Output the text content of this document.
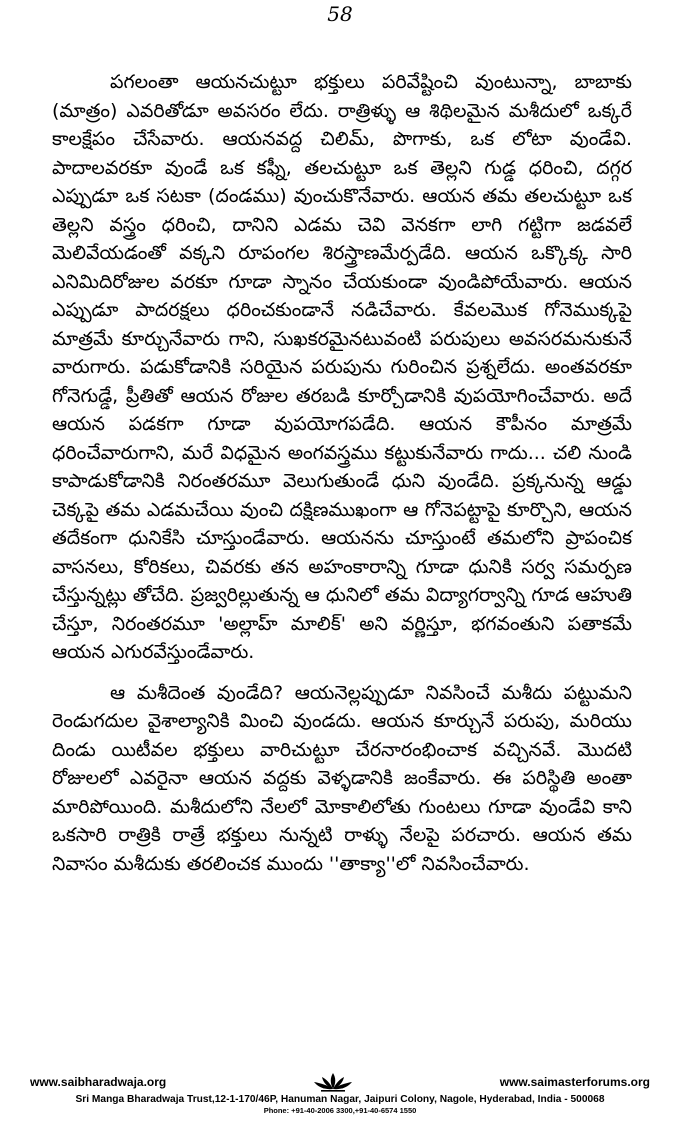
58

పగలంతా ఆయనచుట్టూ భక్తులు పరివేష్టించి వుంటున్నా, బాబాకు (మాత్రం) ఎవరితోడూ అవసరం లేదు. రాత్రిళ్ళు ఆ శిథిలమైన మశీదులో ఒక్కరే కాలక్షేపం చేసేవారు. ఆయనవద్ద చిలిమ్, పొగాకు, ఒక లోటా వుండేవి. పాదాలవరకూ వుండే ఒక కఫ్నీ, తలచుట్టూ ఒక తెల్లని గుడ్డ ధరించి, దగ్గర ఎప్పుడూ ఒక సటకా (దండము) వుంచుకొనేవారు. ఆయన తమ తలచుట్టూ ఒక తెల్లని వస్త్రం ధరించి, దానిని ఎడమ చెవి వెనకగా లాగి గట్టిగా జడవలే మెలివేయడంతో వక్కని రూపంగల శిరస్త్రాణమేర్పడేది. ఆయన ఒక్కొక్క సారి ఎనిమిదిరోజుల వరకూ గూడా స్నానం చేయకుండా వుండిపోయేవారు. ఆయన ఎప్పుడూ పాదరక్షలు ధరించకుండానే నడిచేవారు. కేవలమొక గోనెముక్కపై మాత్రమే కూర్చునేవారు గాని, సుఖకరమైనటువంటి పరుపులు అవసరమనుకునే వారుగారు. పడుకోడానికి సరియైన పరుపును గురించిన ప్రశ్నలేదు. అంతవరకూ గోనెగుడ్డే, ప్రీతితో ఆయన రోజుల తరబడి కూర్చోడానికి వుపయోగించేవారు. అదే ఆయన పడకగా గూడా వుపయోగపడేది. ఆయన కౌపీనం మాత్రమే ధరించేవారుగాని, మరే విధమైన అంగవస్త్రము కట్టుకునేవారు గాదు... చలి నుండి కాపాడుకోడానికి నిరంతరమూ వెలుగుతుండే ధుని వుండేది. ప్రక్కనున్న ఆడ్డు చెక్కపై తమ ఎడమచేయి వుంచి దక్షిణముఖంగా ఆ గోనెపట్టాపై కూర్చొని, ఆయన తదేకంగా ధునికేసి చూస్తుండేవారు. ఆయనను చూస్తుంటే తమలోని ప్రాపంచిక వాసనలు, కోరికలు, చివరకు తన అహంకారాన్ని గూడా ధునికి సర్వ సమర్పణ చేస్తున్నట్లు తోచేది. ప్రజ్వరిల్లుతున్న ఆ ధునిలో తమ విద్యాగర్వాన్ని గూడ ఆహుతి చేస్తూ, నిరంతరమూ 'అల్లాహ్ మాలిక్' అని వర్ణిస్తూ, భగవంతుని పతాకమే ఆయన ఎగురవేస్తుండేవారు.

ఆ మశీదెంత వుండేది? ఆయనెల్లప్పుడూ నివసించే మశీదు పట్టుమని రెండుగదుల వైశాల్యానికి మించి వుండదు. ఆయన కూర్చునే పరుపు, మరియు దిండు యిటీవల భక్తులు వారిచుట్టూ చేరనారంభించాక వచ్చినవే. మొదటి రోజులలో ఎవరైనా ఆయన వద్దకు వెళ్ళడానికి జంకేవారు. ఈ పరిస్థితి అంతా మారిపోయింది. మశీదులోని నేలలో మోకాలిలోతు గుంటలు గూడా వుండేవి కాని ఒకసారి రాత్రికి రాత్రే భక్తులు నున్నటి రాళ్ళు నేలపై పరచారు. ఆయన తమ నివాసం మశీదుకు తరలించక ముందు ''తాక్యా''లో నివసించేవారు.

www.saibharadwaja.org	www.saimasterforums.org
Sri Manga Bharadwaja Trust,12-1-170/46P, Hanuman Nagar, Jaipuri Colony, Nagole, Hyderabad, India - 500068
Phone: +91-40-2006 3300,+91-40-6574 1550
